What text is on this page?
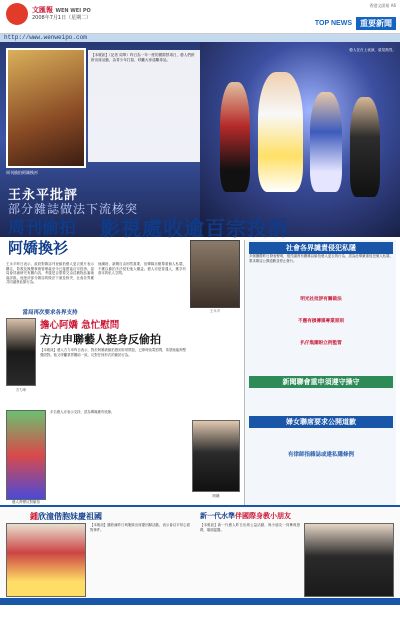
文匯報 WEN WEI PO
2008年7月1日（星期二）
香港文匯報 A6
TOP NEWS	重要新聞
http://www.wenweipo.com
周刊偷拍阿嬌換衫
【本報訊】（記者 周華）昨日為一年一度的國際禁毒日，藝人們紛紛出席活動，為青少年打氣，呼籲大家遠離毒品。
藝人在台上表演，氣氛熱烈。
王永平批評
部分雜誌做法下流核突
周刊偷拍
阿嬌換衫
影視處收逾百宗投訴
王永平昨日表示，政府對雜誌刊登偷拍藝人更衣照片表示關注，影視及娛樂事務管理處至今已接獲逾百宗投訴，當局會詳細研究有關內容，考慮是否需要交由淫褻物品審裁處評級。他批評部分雜誌的做法下流及核突，社會各界應共同譴責此類行為。
當局再次要求各界支持
他續指，新聞自由固然重要，但傳媒亦應尊重個人私隱，不應以偷拍手法侵犯他人權益。藝人亦是普通人，應享有基本的私人空間。
王永平
社會各界譴責侵犯私隱
多個團體昨日發表聲明，強烈譴責有關雜誌偷拍藝人更衣的行為，認為此舉嚴重侵犯個人私隱，要求雜誌公開道歉並停止發行。
明光社批評有關做法
不應有損傳媒專業原則
扒仔集團盼立例監管
新聞聯會重申須遵守操守
婦女聯席要求公開道歉
有律師指雜誌或違私隱條例
方力申
擔心阿嬌 急忙慰問
方力申聯藝人挺身反偷拍
【本報訊】藝人方力申昨日表示，對於阿嬌被偷拍感到非常憤怒，已即時致電慰問，希望她能夠堅強面對。他又呼籲業界團結一致，反對任何形式的偷拍行為。
藝人齊聲反對偷拍
多名藝人亦表示支持，認為傳媒應有底線。
阿嬌
鍾欣潼偕胞妹慶祖國
【本報訊】鍾欣潼昨日與胞妹出席慶回歸活動，表示會以平常心面對事件。
新一代水準伴國際身教小朋友
【本報訊】新一代藝人昨日出席公益活動，與小朋友一同參與遊戲，場面溫馨。
WEN WEI PO
